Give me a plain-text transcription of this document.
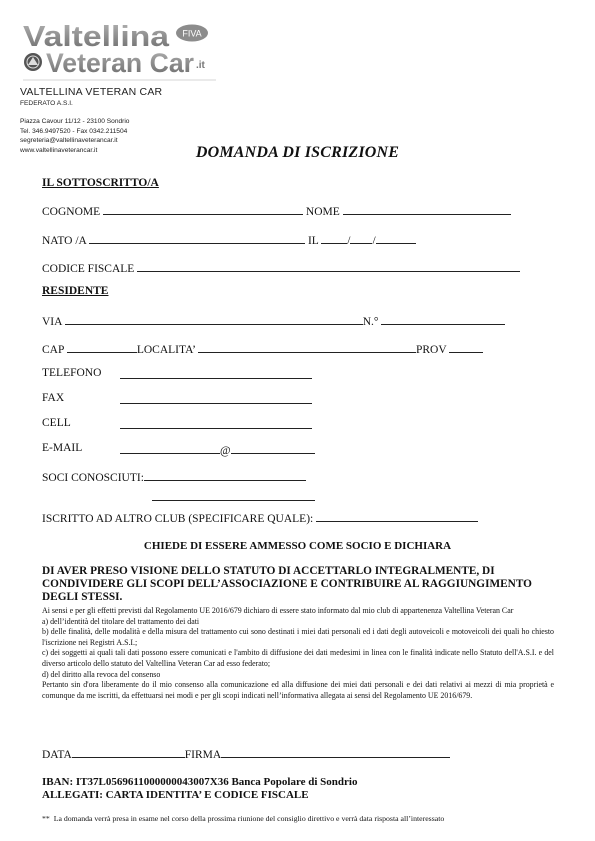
FIVA
Valtellina
Veteran Car .it
VALTELLINA VETERAN CAR
FEDERATO A.S.I.
Piazza Cavour 11/12 - 23100 Sondrio
Tel. 346.9497520 - Fax 0342.211504
segreteria@valtellinaveterancar.it
www.valtellinaveterancar.it	DOMANDA DI ISCRIZIONE
IL SOTTOSCRITTO/A
COGNOME	NOME
NATO /A	IL	/ /
CODICE FISCALE
RESIDENTE
VIA	N.°
CAP	LOCALITA’	PROV
TELEFONO
FAX
CELL
E-MAIL	@
SOCI CONOSCIUTI:
ISCRITTO AD ALTRO CLUB (SPECIFICARE QUALE):
CHIEDE DI ESSERE AMMESSO COME SOCIO E DICHIARA
DI AVER PRESO VISIONE DELLO STATUTO DI ACCETTARLO INTEGRALMENTE, DI CONDIVIDERE GLI SCOPI DELL’ASSOCIAZIONE E CONTRIBUIRE AL RAGGIUNGIMENTO DEGLI STESSI.

Ai sensi e per gli effetti previsti dal Regolamento UE 2016/679 dichiaro di essere stato informato dal mio club di appartenenza Valtellina Veteran Car

a) dell’identità del titolare del trattamento dei dati

b) delle finalità, delle modalità e della misura del trattamento cui sono destinati i miei dati personali ed i dati degli autoveicoli e motoveicoli dei quali ho chiesto l'iscrizione nei Registri A.S.I.;

c) dei soggetti ai quali tali dati possono essere comunicati e l'ambito di diffusione dei dati medesimi in linea con le finalità indicate nello Statuto dell'A.S.I. e del diverso articolo dello statuto del Valtellina Veteran Car ad esso federato;

d) del diritto alla revoca del consenso

Pertanto sin d'ora liberamente do il mio consenso alla comunicazione ed alla diffusione dei miei dati personali e dei dati relativi ai mezzi di mia proprietà e comunque da me iscritti, da effettuarsi nei modi e per gli scopi indicati nell’informativa allegata ai sensi del Regolamento UE 2016/679.

DATA	FIRMA
IBAN: IT37L0569611000000043007X36 Banca Popolare di Sondrio
ALLEGATI: CARTA IDENTITA’ E CODICE FISCALE
** La domanda verrà presa in esame nel corso della prossima riunione del consiglio direttivo e verrà data risposta all’interessato
